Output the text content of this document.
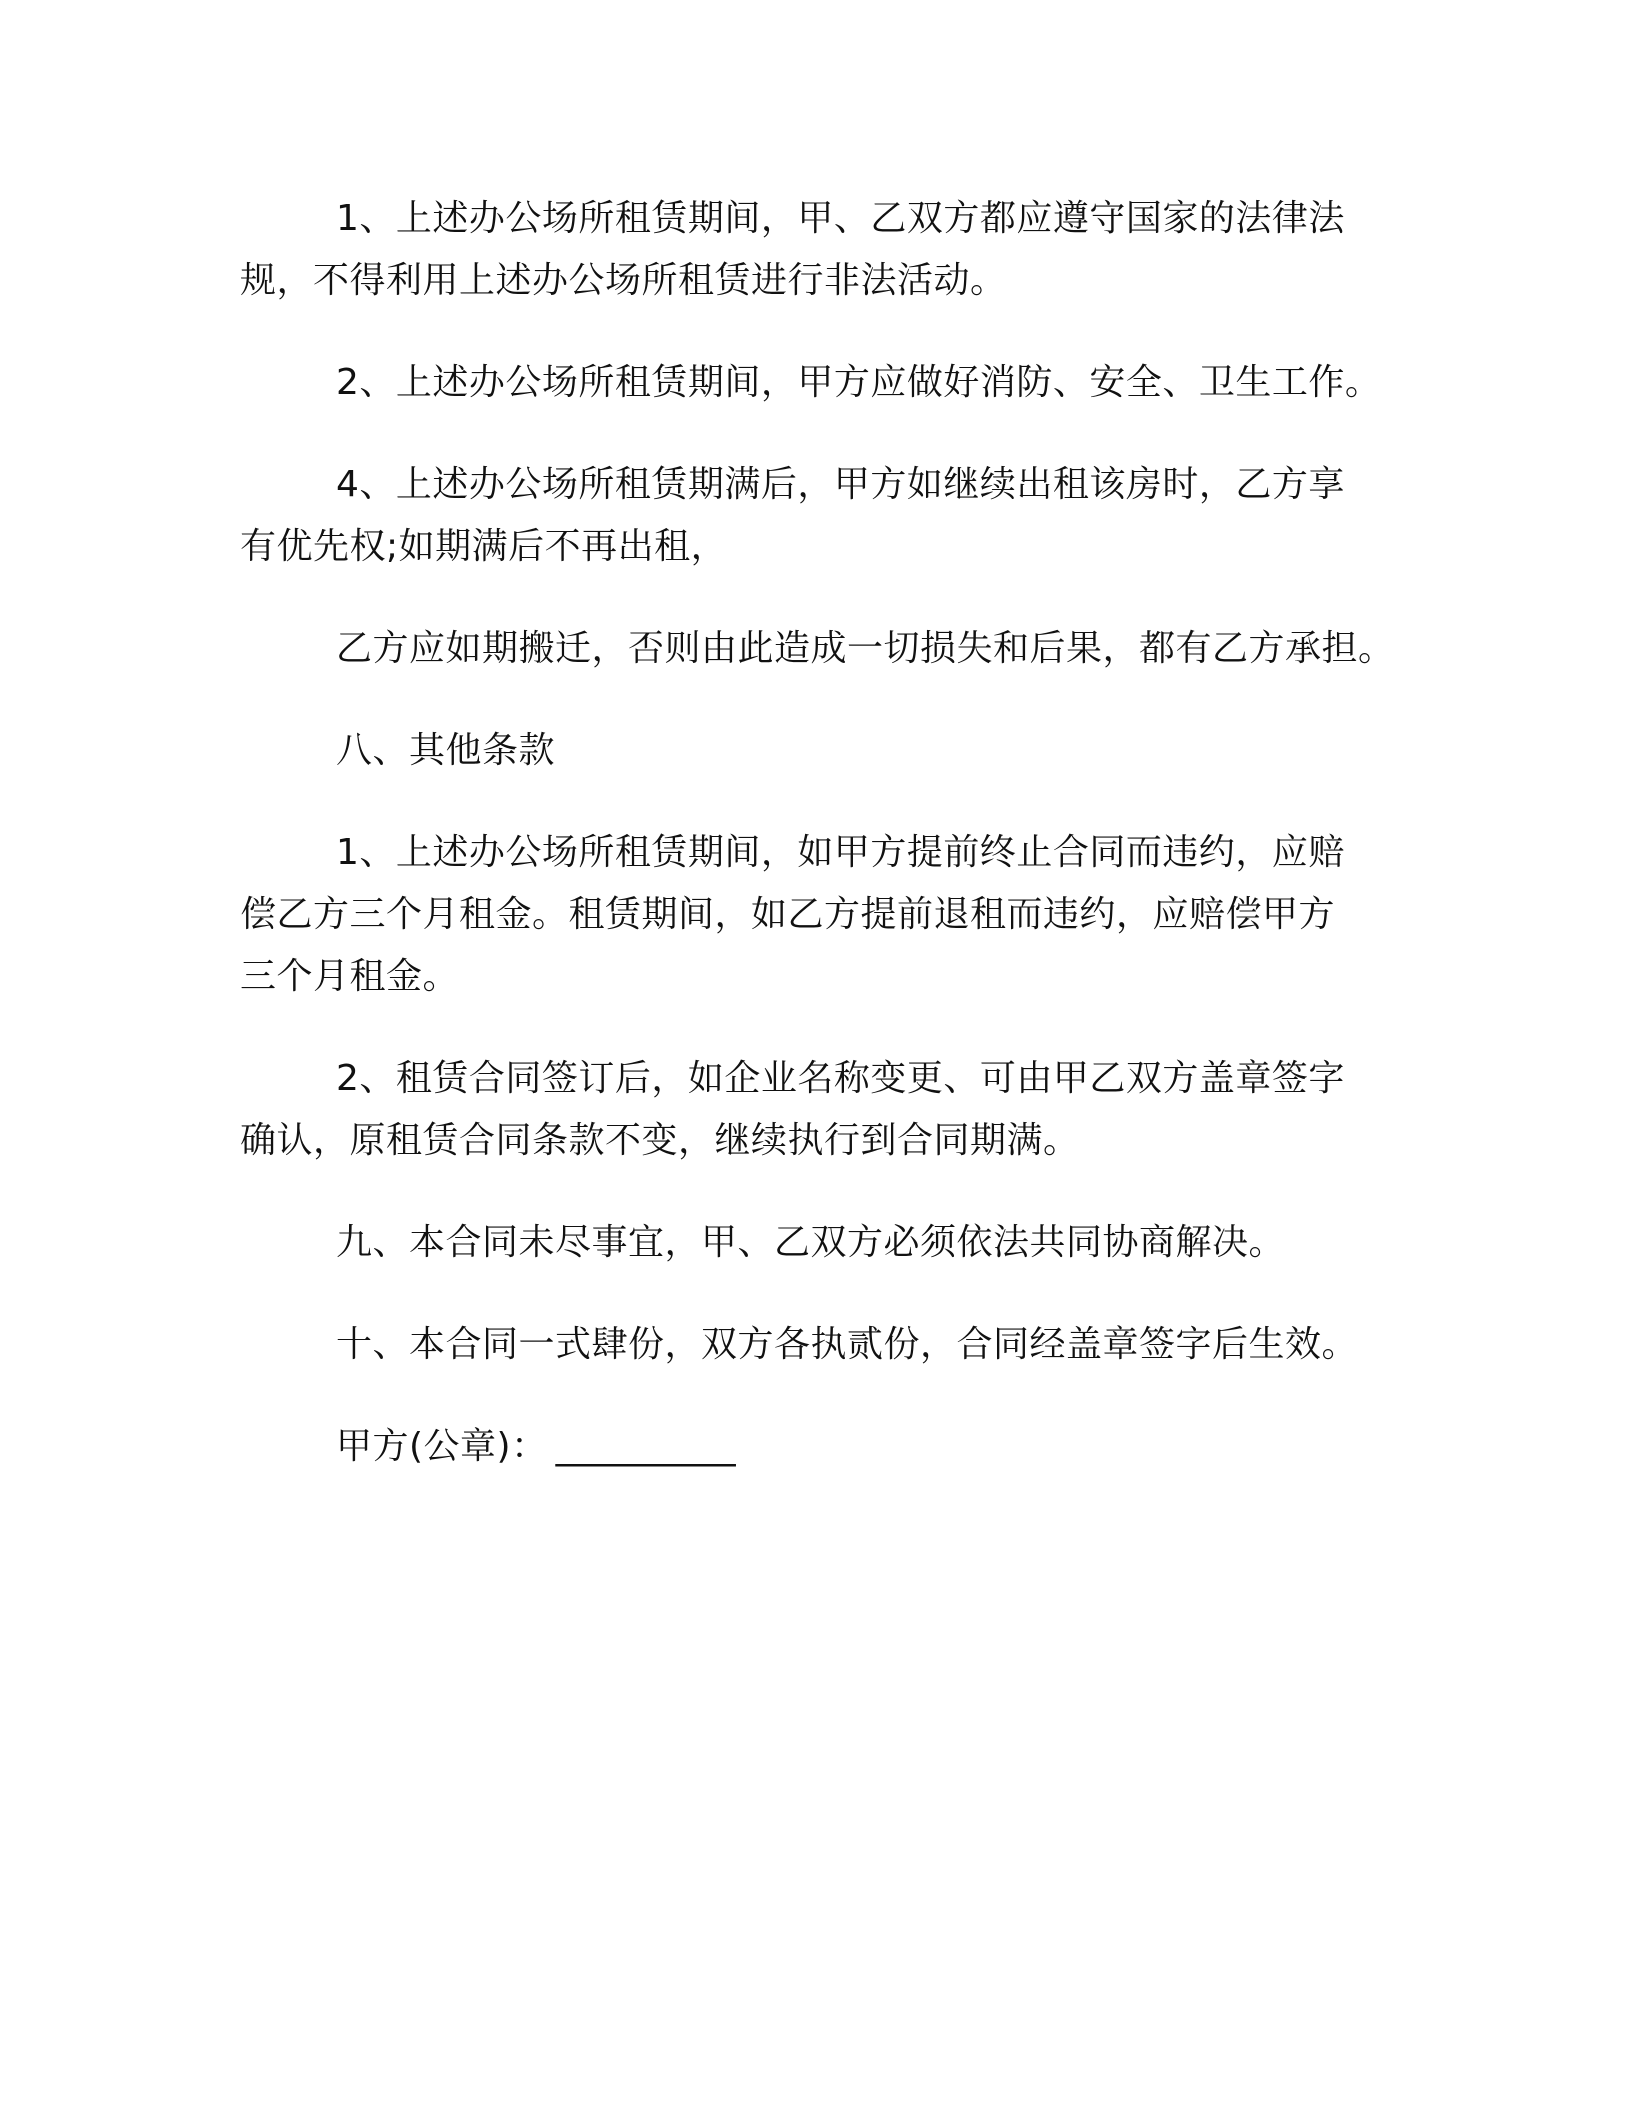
1、上述办公场所租赁期间，甲、乙双方都应遵守国家的法律法
规，不得利用上述办公场所租赁进行非法活动。

2、上述办公场所租赁期间，甲方应做好消防、安全、卫生工作。

4、上述办公场所租赁期满后，甲方如继续出租该房时，乙方享
有优先权;如期满后不再出租，

乙方应如期搬迁，否则由此造成一切损失和后果，都有乙方承担。

八、其他条款

1、上述办公场所租赁期间，如甲方提前终止合同而违约，应赔
偿乙方三个月租金。租赁期间，如乙方提前退租而违约，应赔偿甲方
三个月租金。

2、租赁合同签订后，如企业名称变更、可由甲乙双方盖章签字
确认，原租赁合同条款不变，继续执行到合同期满。

九、本合同未尽事宜，甲、乙双方必须依法共同协商解决。

十、本合同一式肆份，双方各执贰份，合同经盖章签字后生效。

甲方(公章)： __________
